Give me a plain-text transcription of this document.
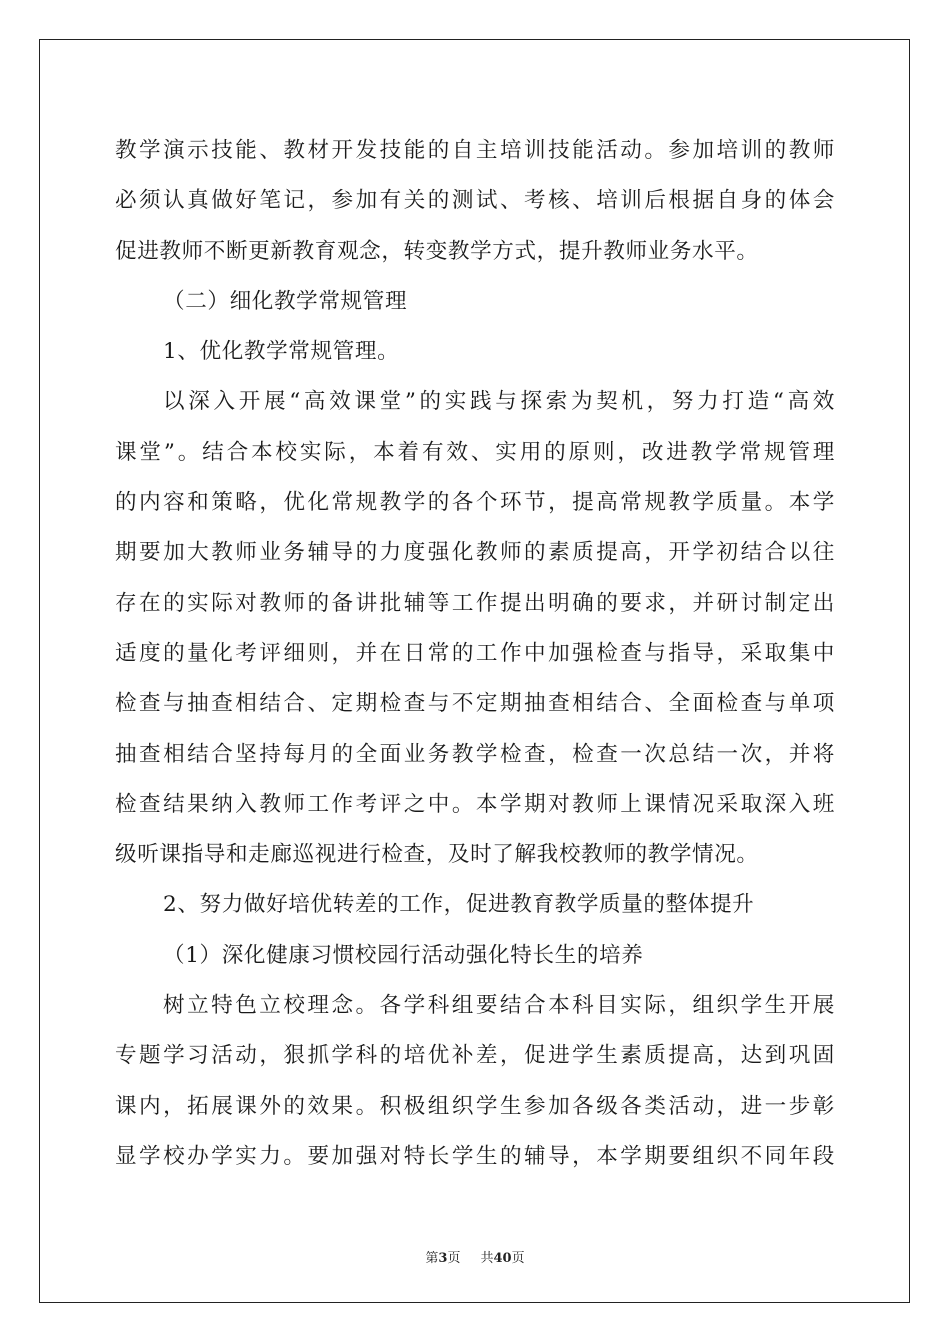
教学演示技能、教材开发技能的自主培训技能活动。参加培训的教师
必须认真做好笔记，参加有关的测试、考核、培训后根据自身的体会
促进教师不断更新教育观念，转变教学方式，提升教师业务水平。
（二）细化教学常规管理
1、优化教学常规管理。
以深入开展“高效课堂”的实践与探索为契机，努力打造“高效
课堂”。结合本校实际，本着有效、实用的原则，改进教学常规管理
的内容和策略，优化常规教学的各个环节，提高常规教学质量。本学
期要加大教师业务辅导的力度强化教师的素质提高，开学初结合以往
存在的实际对教师的备讲批辅等工作提出明确的要求，并研讨制定出
适度的量化考评细则，并在日常的工作中加强检查与指导，采取集中
检查与抽查相结合、定期检查与不定期抽查相结合、全面检查与单项
抽查相结合坚持每月的全面业务教学检查，检查一次总结一次，并将
检查结果纳入教师工作考评之中。本学期对教师上课情况采取深入班
级听课指导和走廊巡视进行检查，及时了解我校教师的教学情况。
2、努力做好培优转差的工作，促进教育教学质量的整体提升
（1）深化健康习惯校园行活动强化特长生的培养
树立特色立校理念。各学科组要结合本科目实际，组织学生开展
专题学习活动，狠抓学科的培优补差，促进学生素质提高，达到巩固
课内，拓展课外的效果。积极组织学生参加各级各类活动，进一步彰
显学校办学实力。要加强对特长学生的辅导，本学期要组织不同年段
第3页 共40页
